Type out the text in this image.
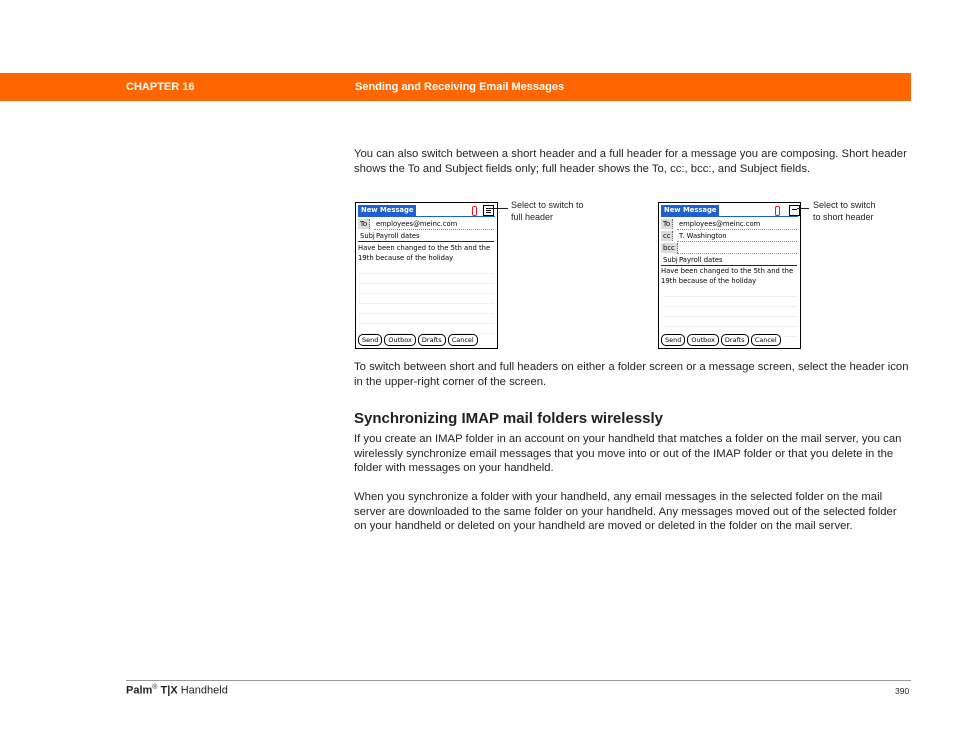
CHAPTER 16	Sending and Receiving Email Messages

You can also switch between a short header and a full header for a message you are composing. Short header shows the To and Subject fields only; full header shows the To, cc:, bcc:, and Subject fields.

New Message
To	employees@meinc.com
Subj Payroll dates
Have been changed to the 5th and the 19th because of the holiday
Send Outbox Drafts Cancel
Select to switch to
full header
New Message
To	employees@meinc.com
cc	T. Washington
bcc
Subj Payroll dates
Have been changed to the 5th and the 19th because of the holiday
Send Outbox Drafts Cancel
Select to switch
to short header

To switch between short and full headers on either a folder screen or a message screen, select the header icon in the upper-right corner of the screen.

Synchronizing IMAP mail folders wirelessly

If you create an IMAP folder in an account on your handheld that matches a folder on the mail server, you can wirelessly synchronize email messages that you move into or out of the IMAP folder or that you delete in the folder with messages on your handheld.

When you synchronize a folder with your handheld, any email messages in the selected folder on the mail server are downloaded to the same folder on your handheld. Any messages moved out of the selected folder on your handheld or deleted on your handheld are moved or deleted in the folder on the mail server.

Palm® T|X Handheld	390
